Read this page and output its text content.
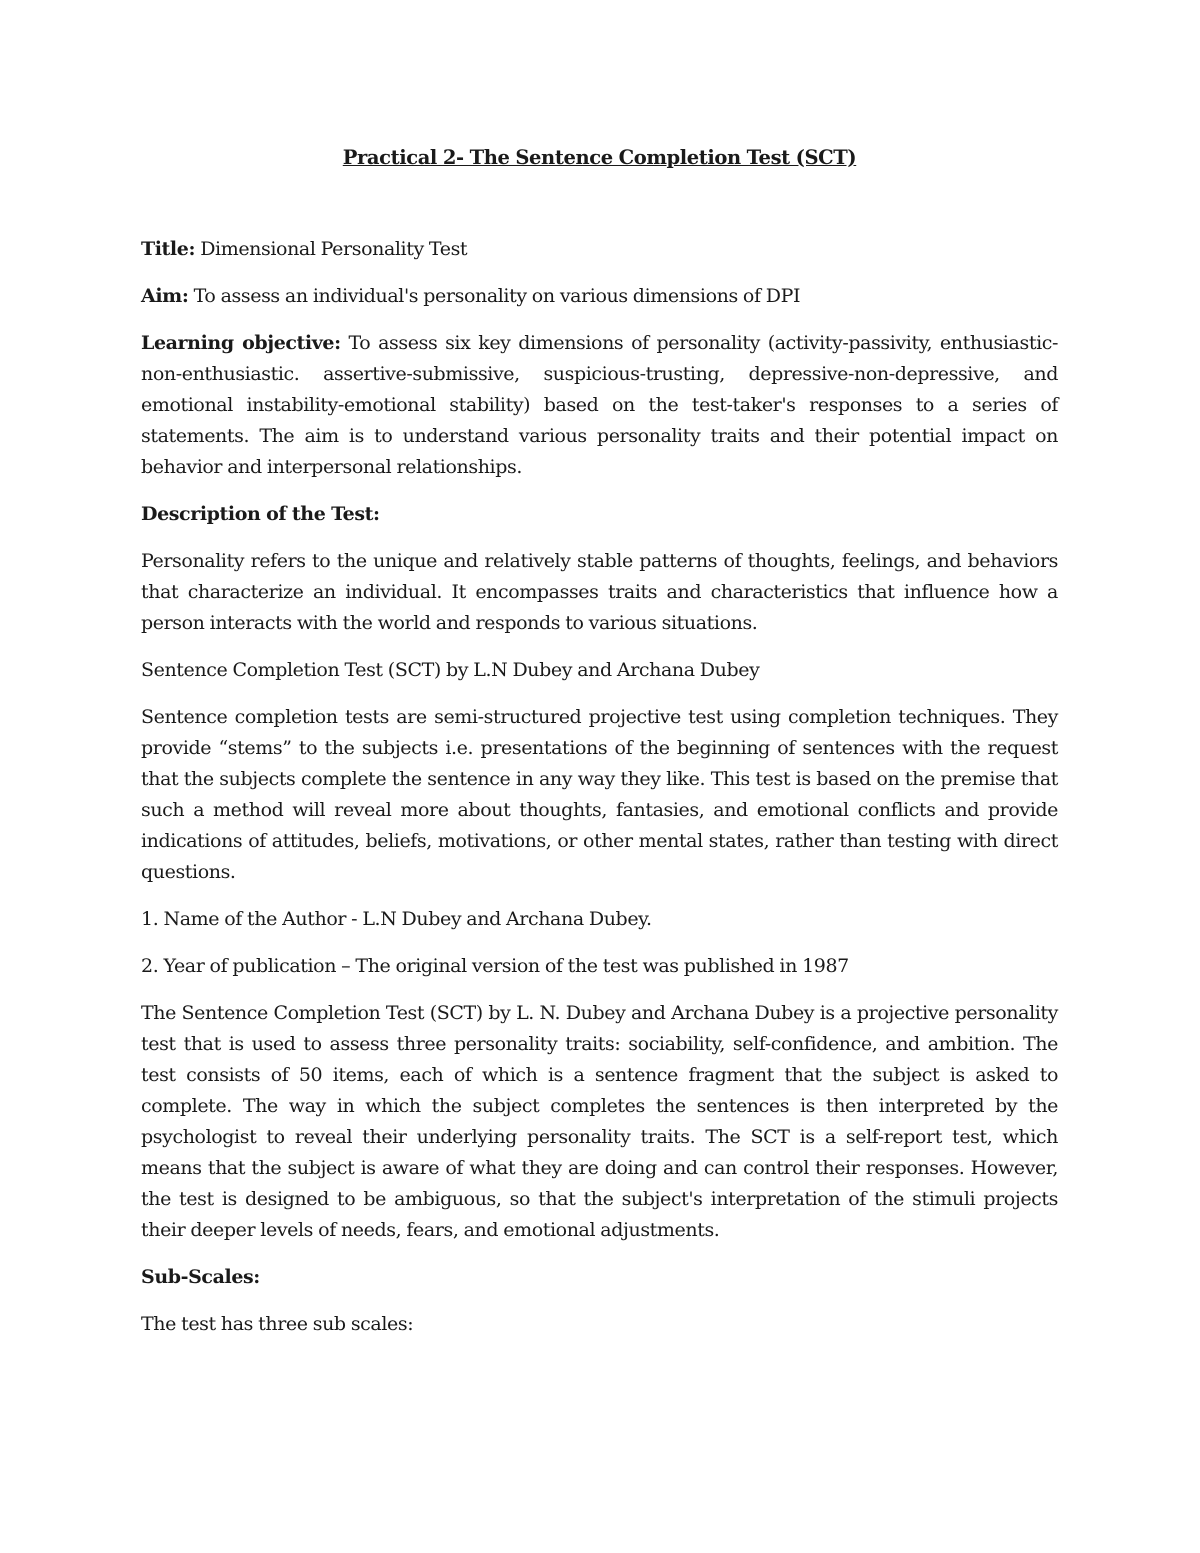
Practical 2- The Sentence Completion Test (SCT)

Title: Dimensional Personality Test

Aim: To assess an individual's personality on various dimensions of DPI

Learning objective: To assess six key dimensions of personality (activity-passivity, enthusiastic-non-enthusiastic. assertive-submissive, suspicious-trusting, depressive-non-depressive, and emotional instability-emotional stability) based on the test-taker's responses to a series of statements. The aim is to understand various personality traits and their potential impact on behavior and interpersonal relationships.

Description of the Test:

Personality refers to the unique and relatively stable patterns of thoughts, feelings, and behaviors that characterize an individual. It encompasses traits and characteristics that influence how a person interacts with the world and responds to various situations.

Sentence Completion Test (SCT) by L.N Dubey and Archana Dubey

Sentence completion tests are semi-structured projective test using completion techniques. They provide “stems” to the subjects i.e. presentations of the beginning of sentences with the request that the subjects complete the sentence in any way they like. This test is based on the premise that such a method will reveal more about thoughts, fantasies, and emotional conflicts and provide indications of attitudes, beliefs, motivations, or other mental states, rather than testing with direct questions.

1. Name of the Author - L.N Dubey and Archana Dubey.

2. Year of publication – The original version of the test was published in 1987

The Sentence Completion Test (SCT) by L. N. Dubey and Archana Dubey is a projective personality test that is used to assess three personality traits: sociability, self-confidence, and ambition. The test consists of 50 items, each of which is a sentence fragment that the subject is asked to complete. The way in which the subject completes the sentences is then interpreted by the psychologist to reveal their underlying personality traits. The SCT is a self-report test, which means that the subject is aware of what they are doing and can control their responses. However, the test is designed to be ambiguous, so that the subject's interpretation of the stimuli projects their deeper levels of needs, fears, and emotional adjustments.

Sub-Scales:

The test has three sub scales:
